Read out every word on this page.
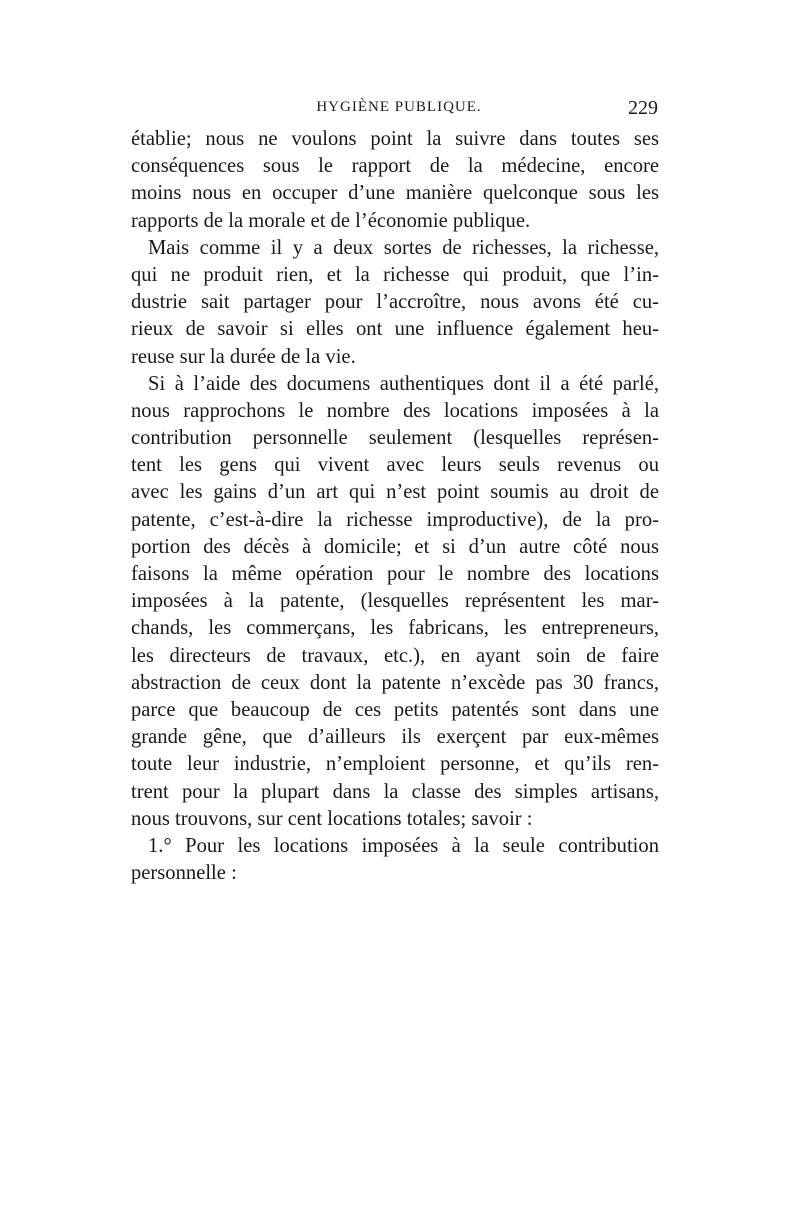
HYGIÈNE PUBLIQUE.	229
établie; nous ne voulons point la suivre dans toutes ses
conséquences sous le rapport de la médecine, encore
moins nous en occuper d’une manière quelconque sous les
rapports de la morale et de l’économie publique.
Mais comme il y a deux sortes de richesses, la richesse,
qui ne produit rien, et la richesse qui produit, que l’in-
dustrie sait partager pour l’accroître, nous avons été cu-
rieux de savoir si elles ont une influence également heu-
reuse sur la durée de la vie.
Si à l’aide des documens authentiques dont il a été parlé,
nous rapprochons le nombre des locations imposées à la
contribution personnelle seulement (lesquelles représen-
tent les gens qui vivent avec leurs seuls revenus ou
avec les gains d’un art qui n’est point soumis au droit de
patente, c’est-à-dire la richesse improductive), de la pro-
portion des décès à domicile; et si d’un autre côté nous
faisons la même opération pour le nombre des locations
imposées à la patente, (lesquelles représentent les mar-
chands, les commerçans, les fabricans, les entrepreneurs,
les directeurs de travaux, etc.), en ayant soin de faire
abstraction de ceux dont la patente n’excède pas 30 francs,
parce que beaucoup de ces petits patentés sont dans une
grande gêne, que d’ailleurs ils exerçent par eux-mêmes
toute leur industrie, n’emploient personne, et qu’ils ren-
trent pour la plupart dans la classe des simples artisans,
nous trouvons, sur cent locations totales; savoir :
1.° Pour les locations imposées à la seule contribution
personnelle :
